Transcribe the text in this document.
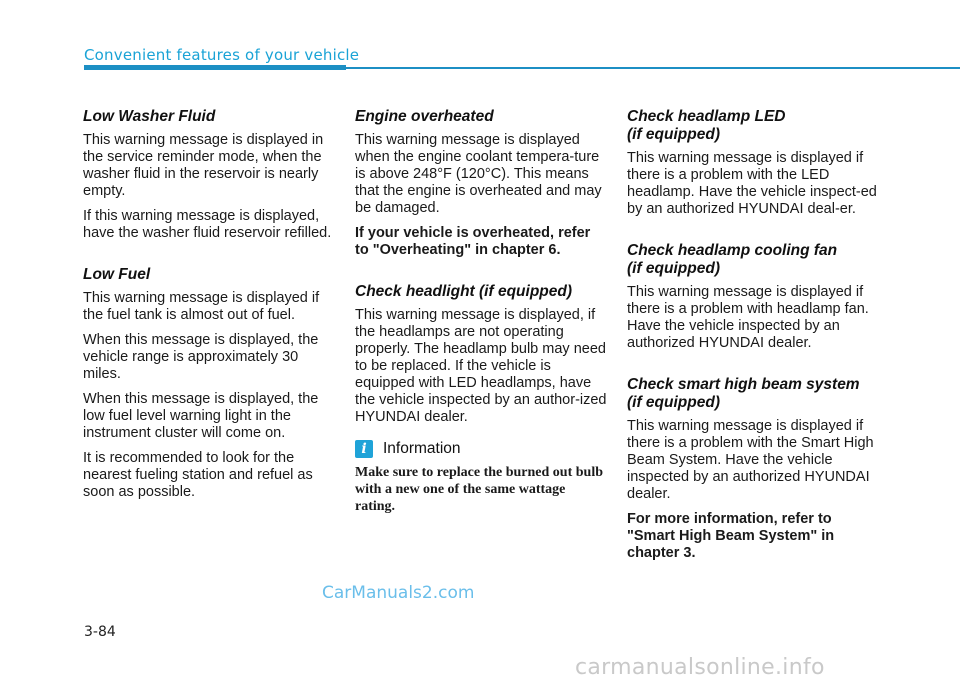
Convenient features of your vehicle
Low Washer Fluid

This warning message is displayed in the service reminder mode, when the washer fluid in the reservoir is nearly empty.

If this warning message is displayed, have the washer fluid reservoir refilled.

Low Fuel

This warning message is displayed if the fuel tank is almost out of fuel.

When this message is displayed, the vehicle range is approximately 30 miles.

When this message is displayed, the low fuel level warning light in the instrument cluster will come on.

It is recommended to look for the nearest fueling station and refuel as soon as possible.

Engine overheated

This warning message is displayed when the engine coolant tempera-ture is above 248°F (120°C). This means that the engine is overheated and may be damaged.

If your vehicle is overheated, refer to "Overheating" in chapter 6.

Check headlight (if equipped)

This warning message is displayed, if the headlamps are not operating properly. The headlamp bulb may need to be replaced. If the vehicle is equipped with LED headlamps, have the vehicle inspected by an author-ized HYUNDAI dealer.

i	Information

Make sure to replace the burned out bulb with a new one of the same wattage rating.

Check headlamp LED
(if equipped)

This warning message is displayed if there is a problem with the LED headlamp. Have the vehicle inspect-ed by an authorized HYUNDAI deal-er.

Check headlamp cooling fan
(if equipped)

This warning message is displayed if there is a problem with headlamp fan. Have the vehicle inspected by an authorized HYUNDAI dealer.

Check smart high beam system
(if equipped)

This warning message is displayed if there is a problem with the Smart High Beam System. Have the vehicle inspected by an authorized HYUNDAI dealer.

For more information, refer to "Smart High Beam System" in chapter 3.

CarManuals2.com
3-84
carmanualsonline.info
